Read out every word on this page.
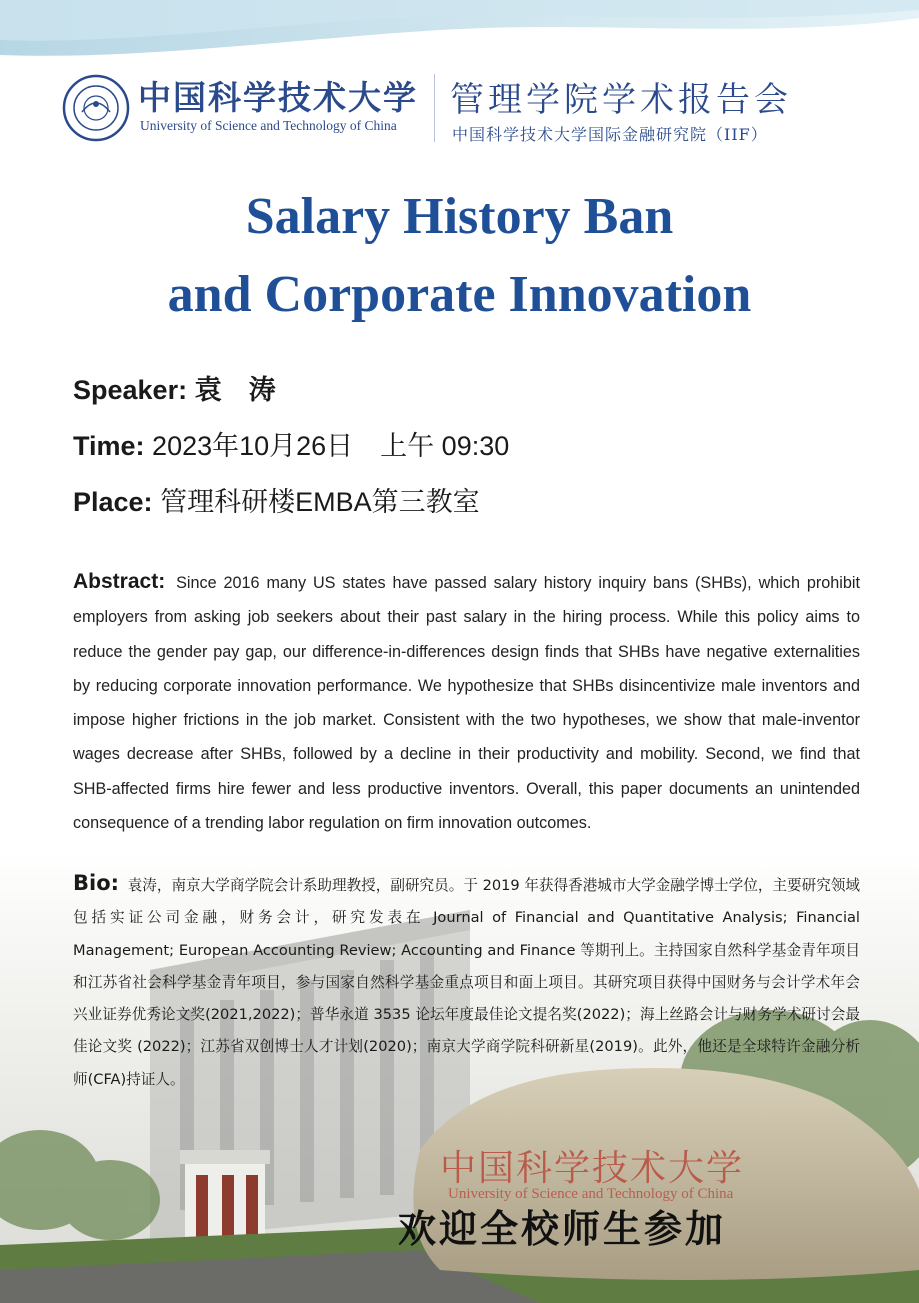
中国科学技术大学
University of Science and Technology of China
管理学院学术报告会
中国科学技术大学国际金融研究院（IIF）
Salary History Ban
and Corporate Innovation
Speaker: 袁　涛
Time: 2023年10月26日　上午 09:30
Place: 管理科研楼EMBA第三教室
Abstract: Since 2016 many US states have passed salary history inquiry bans (SHBs), which prohibit employers from asking job seekers about their past salary in the hiring process. While this policy aims to reduce the gender pay gap, our difference-in-differences design finds that SHBs have negative externalities by reducing corporate innovation performance. We hypothesize that SHBs disincentivize male inventors and impose higher frictions in the job market. Consistent with the two hypotheses, we show that male-inventor wages decrease after SHBs, followed by a decline in their productivity and mobility. Second, we find that SHB-affected firms hire fewer and less productive inventors. Overall, this paper documents an unintended consequence of a trending labor regulation on firm innovation outcomes.
中国科学技术大学
University of Science and Technology of China
欢迎全校师生参加
Bio: 袁涛，南京大学商学院会计系助理教授，副研究员。于 2019 年获得香港城市大学金融学博士学位，主要研究领域包括实证公司金融，财务会计，研究发表在 Journal of Financial and Quantitative Analysis; Financial Management; European Accounting Review; Accounting and Finance 等期刊上。主持国家自然科学基金青年项目和江苏省社会科学基金青年项目，参与国家自然科学基金重点项目和面上项目。其研究项目获得中国财务与会计学术年会兴业证券优秀论文奖(2021,2022)；普华永道 3535 论坛年度最佳论文提名奖(2022)；海上丝路会计与财务学术研讨会最佳论文奖 (2022)；江苏省双创博士人才计划(2020)；南京大学商学院科研新星(2019)。此外，他还是全球特许金融分析师(CFA)持证人。
